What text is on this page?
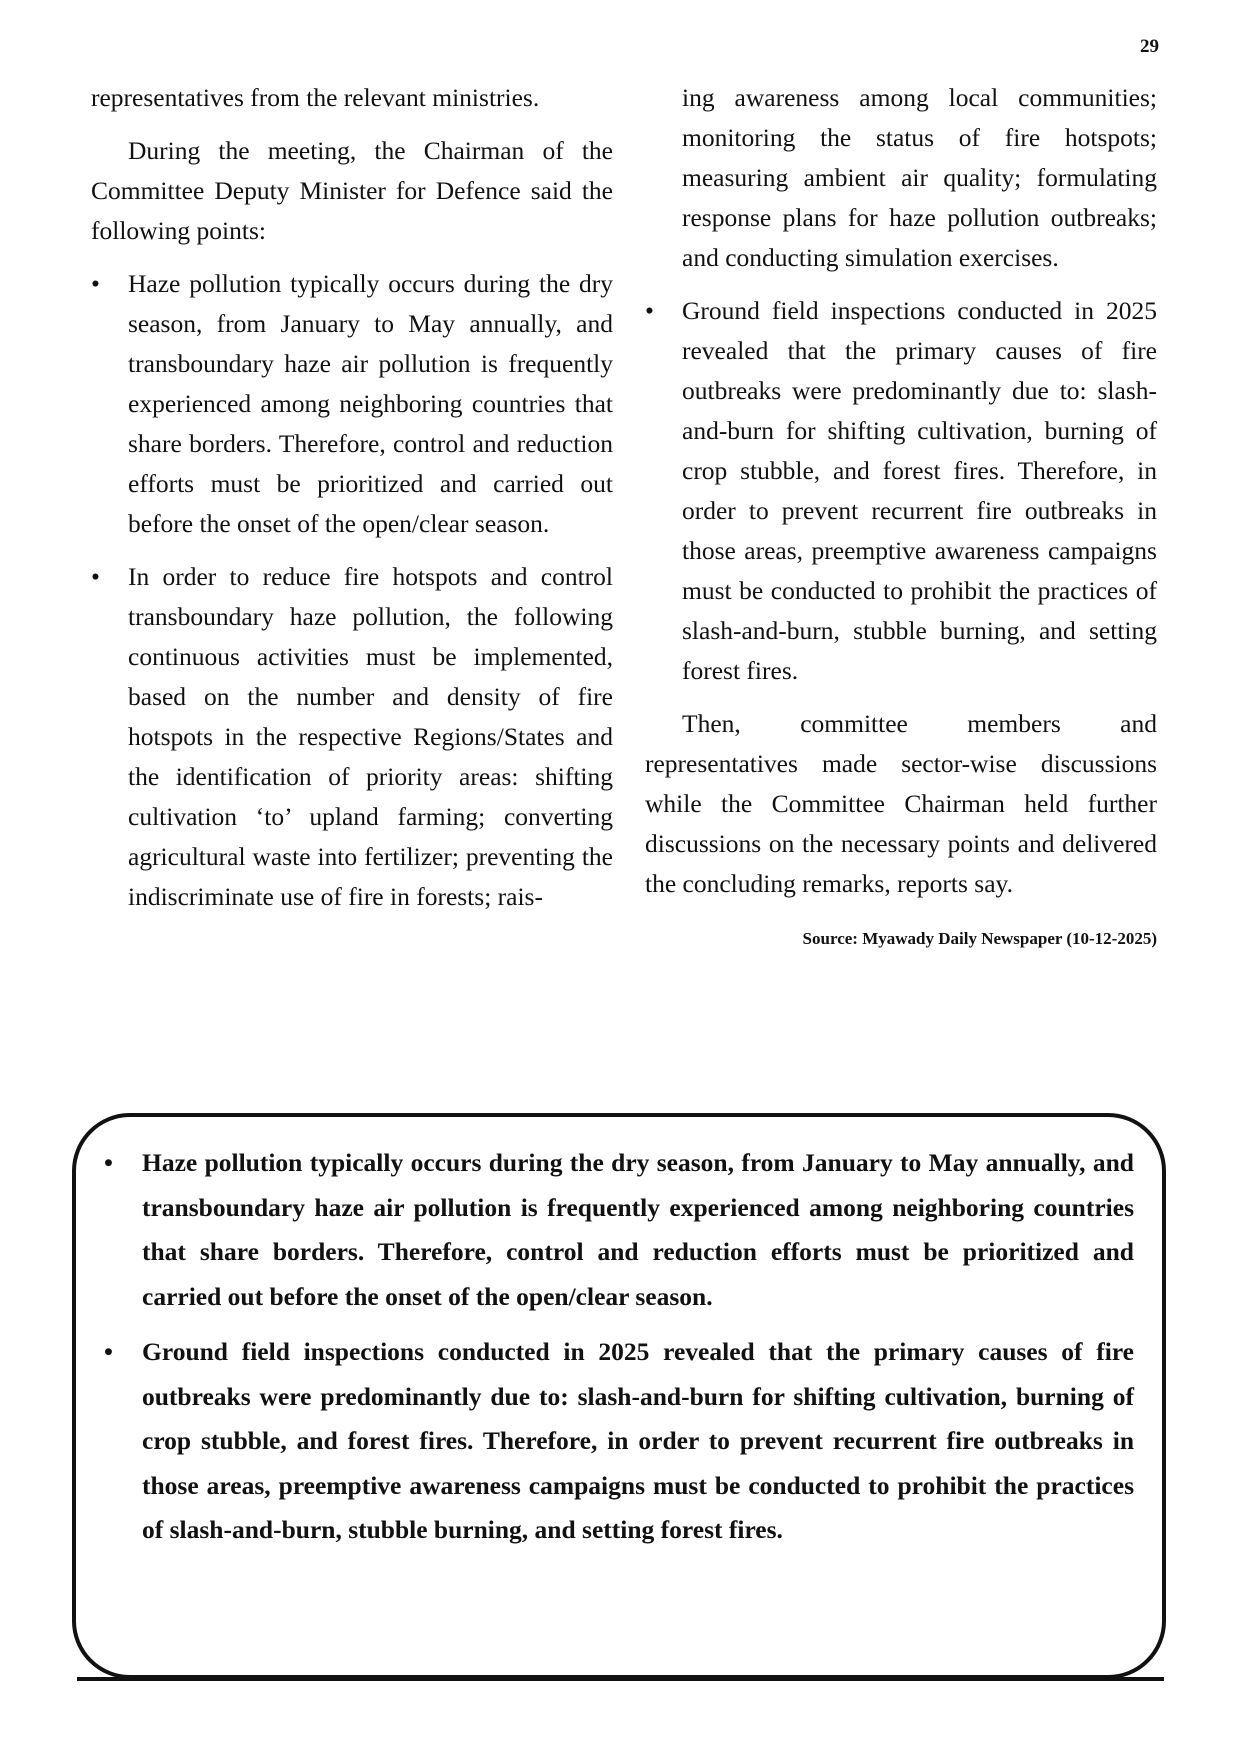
29

representatives from the relevant ministries.

During the meeting, the Chairman of the Committee Deputy Minister for Defence said the following points:

•	Haze pollution typically occurs during the dry season, from January to May annually, and transboundary haze air pollution is frequently experienced among neighboring countries that share borders. Therefore, control and reduction efforts must be prioritized and carried out before the onset of the open/clear season.
•	In order to reduce fire hotspots and control transboundary haze pollution, the following continuous activities must be implemented, based on the number and density of fire hotspots in the respective Regions/States and the identification of priority areas: shifting cultivation ‘to’ upland farming; converting agricultural waste into fertilizer; preventing the indiscriminate use of fire in forests; rais-

ing awareness among local communities; monitoring the status of fire hotspots; measuring ambient air quality; formulating response plans for haze pollution outbreaks; and conducting simulation exercises.

•	Ground field inspections conducted in 2025 revealed that the primary causes of fire outbreaks were predominantly due to: slash-and-burn for shifting cultivation, burning of crop stubble, and forest fires. Therefore, in order to prevent recurrent fire outbreaks in those areas, preemptive awareness campaigns must be conducted to prohibit the practices of slash-and-burn, stubble burning, and setting forest fires.

Then, committee members and representatives made sector-wise discussions while the Committee Chairman held further discussions on the necessary points and delivered the concluding remarks, reports say.

Source: Myawady Daily Newspaper (10-12-2025)
• Haze pollution typically occurs during the dry season, from January to May annually, and transboundary haze air pollution is frequently experienced among neighboring countries that share borders. Therefore, control and reduction efforts must be prioritized and carried out before the onset of the open/clear season.
• Ground field inspections conducted in 2025 revealed that the primary causes of fire outbreaks were predominantly due to: slash-and-burn for shifting cultivation, burning of crop stubble, and forest fires. Therefore, in order to prevent recurrent fire outbreaks in those areas, preemptive awareness campaigns must be conducted to prohibit the practices of slash-and-burn, stubble burning, and setting forest fires.
